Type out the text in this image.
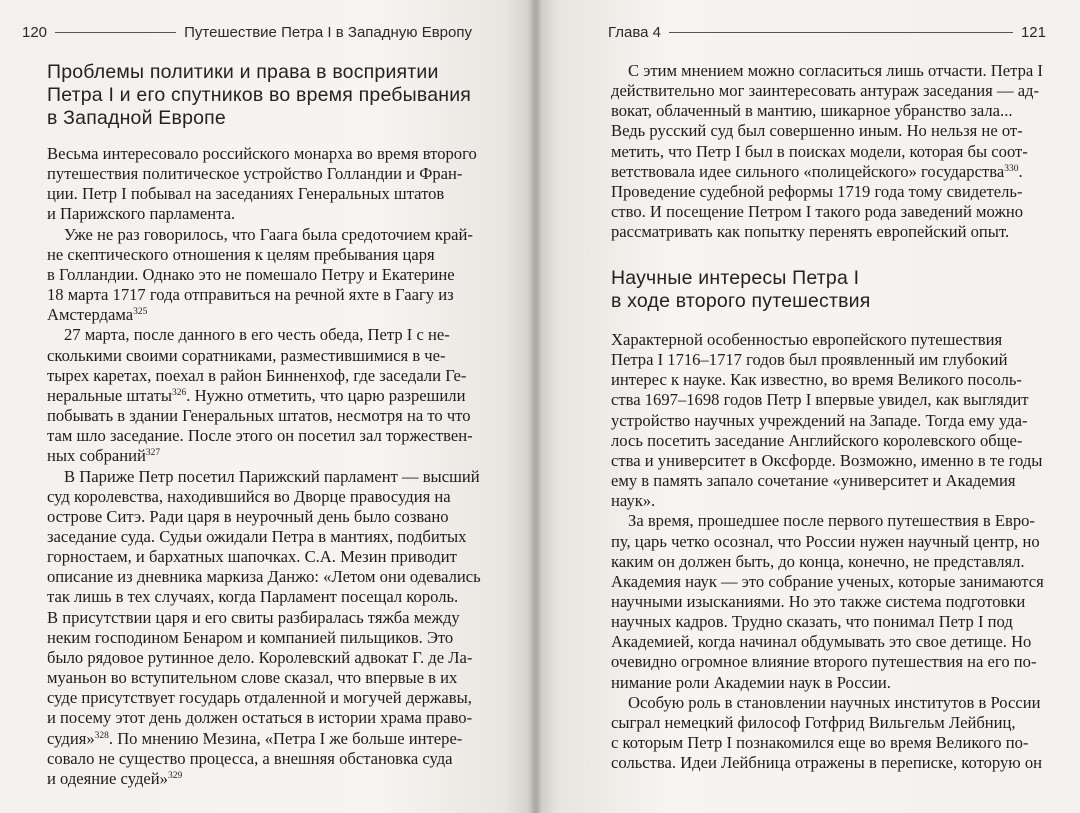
120	Путешествие Петра I в Западную Европу
Проблемы политики и права в восприятии
Петра I и его спутников во время пребывания
в Западной Европе

Весьма интересовало российского монарха во время второго
путешествия политическое устройство Голландии и Фран-
ции. Петр I побывал на заседаниях Генеральных штатов
и Парижского парламента.

Уже не раз говорилось, что Гаага была средоточием край-
не скептического отношения к целям пребывания царя
в Голландии. Однако это не помешало Петру и Екатерине
18 марта 1717 года отправиться на речной яхте в Гаагу из
Амстердама$^{325}$

27 марта, после данного в его честь обеда, Петр I с не-
сколькими своими соратниками, разместившимися в че-
тырех каретах, поехал в район Бинненхоф, где заседали Ге-
неральные штаты$^{326}$. Нужно отметить, что царю разрешили
побывать в здании Генеральных штатов, несмотря на то что
там шло заседание. После этого он посетил зал торжествен-
ных собраний$^{327}$

В Париже Петр посетил Парижский парламент — высший
суд королевства, находившийся во Дворце правосудия на
острове Ситэ. Ради царя в неурочный день было созвано
заседание суда. Судьи ожидали Петра в мантиях, подбитых
горностаем, и бархатных шапочках. С.А. Мезин приводит
описание из дневника маркиза Данжо: «Летом они одевались
так лишь в тех случаях, когда Парламент посещал король.
В присутствии царя и его свиты разбиралась тяжба между
неким господином Бенаром и компанией пильщиков. Это
было рядовое рутинное дело. Королевский адвокат Г. де Ла-
муаньон во вступительном слове сказал, что впервые в их
суде присутствует государь отдаленной и могучей державы,
и посему этот день должен остаться в истории храма право-
судия»$^{328}$. По мнению Мезина, «Петра I же больше интере-
совало не существо процесса, а внешняя обстановка суда
и одеяние судей»$^{329}$

Глава 4	121

С этим мнением можно согласиться лишь отчасти. Петра I
действительно мог заинтересовать антураж заседания — ад-
вокат, облаченный в мантию, шикарное убранство зала...
Ведь русский суд был совершенно иным. Но нельзя не от-
метить, что Петр I был в поисках модели, которая бы соот-
ветствовала идее сильного «полицейского» государства$^{330}$.
Проведение судебной реформы 1719 года тому свидетель-
ство. И посещение Петром I такого рода заведений можно
рассматривать как попытку перенять европейский опыт.

Научные интересы Петра I
в ходе второго путешествия

Характерной особенностью европейского путешествия
Петра I 1716–1717 годов был проявленный им глубокий
интерес к науке. Как известно, во время Великого посоль-
ства 1697–1698 годов Петр I впервые увидел, как выглядит
устройство научных учреждений на Западе. Тогда ему уда-
лось посетить заседание Английского королевского обще-
ства и университет в Оксфорде. Возможно, именно в те годы
ему в память запало сочетание «университет и Академия
наук».

За время, прошедшее после первого путешествия в Евро-
пу, царь четко осознал, что России нужен научный центр, но
каким он должен быть, до конца, конечно, не представлял.
Академия наук — это собрание ученых, которые занимаются
научными изысканиями. Но это также система подготовки
научных кадров. Трудно сказать, что понимал Петр I под
Академией, когда начинал обдумывать это свое детище. Но
очевидно огромное влияние второго путешествия на его по-
нимание роли Академии наук в России.

Особую роль в становлении научных институтов в России
сыграл немецкий философ Готфрид Вильгельм Лейбниц,
с которым Петр I познакомился еще во время Великого по-
сольства. Идеи Лейбница отражены в переписке, которую он
